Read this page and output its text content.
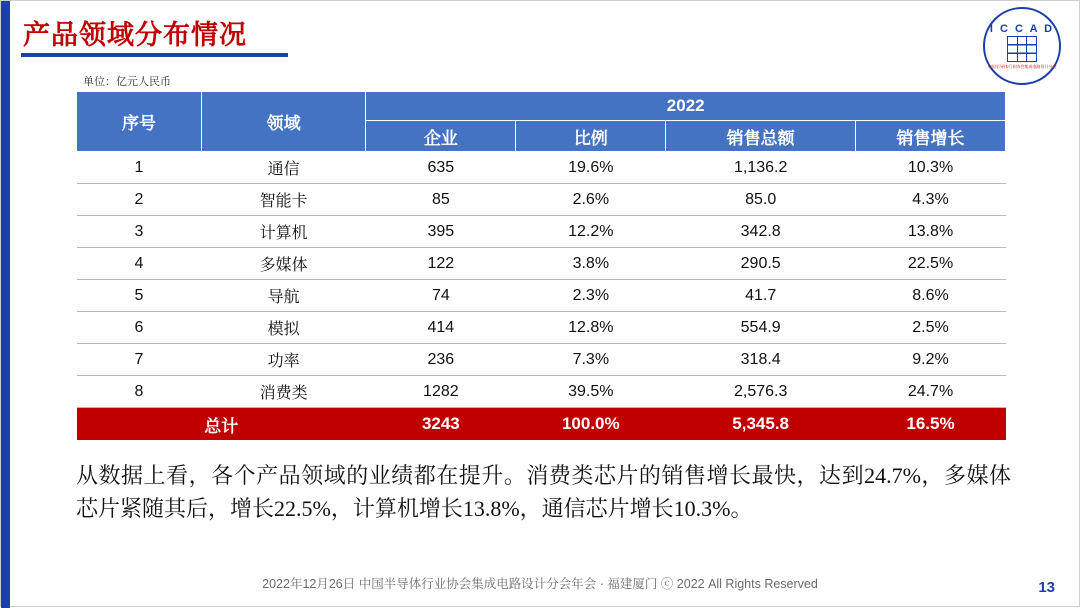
产品领域分布情况	I C C A D
中国半导体行业协会集成电路设计分会
单位：亿元人民币
序号	领域	2022			
		企业	比例	销售总额	销售增长
1	通信	635	19.6%	1,136.2	10.3%
2	智能卡	85	2.6%	85.0	4.3%
3	计算机	395	12.2%	342.8	13.8%
4	多媒体	122	3.8%	290.5	22.5%
5	导航	74	2.3%	41.7	8.6%
6	模拟	414	12.8%	554.9	2.5%
7	功率	236	7.3%	318.4	9.2%
8	消费类	1282	39.5%	2,576.3	24.7%
总计		3243	100.0%	5,345.8	16.5%
从数据上看，各个产品领域的业绩都在提升。消费类芯片的销售增长最快，达到24.7%，多媒体芯片紧随其后，增长22.5%，计算机增长13.8%，通信芯片增长10.3%。
2022年12月26日 中国半导体行业协会集成电路设计分会年会 · 福建厦门 ⓒ 2022 All Rights Reserved	13
